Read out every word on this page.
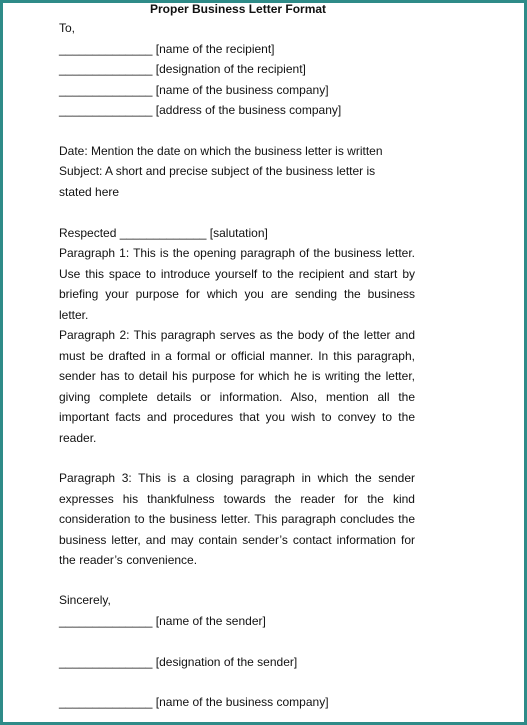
Proper Business Letter Format
To,
______________ [name of the recipient]
______________ [designation of the recipient]
______________ [name of the business company]
______________ [address of the business company]
Date: Mention the date on which the business letter is written
Subject: A short and precise subject of the business letter is stated here
Respected _____________ [salutation]

Paragraph 1: This is the opening paragraph of the business letter. Use this space to introduce yourself to the recipient and start by briefing your purpose for which you are sending the business letter.

Paragraph 2: This paragraph serves as the body of the letter and must be drafted in a formal or official manner. In this paragraph, sender has to detail his purpose for which he is writing the letter, giving complete details or information. Also, mention all the important facts and procedures that you wish to convey to the reader.

Paragraph 3: This is a closing paragraph in which the sender expresses his thankfulness towards the reader for the kind consideration to the business letter. This paragraph concludes the business letter, and may contain sender’s contact information for the reader’s convenience.

Sincerely,
______________ [name of the sender]
______________ [designation of the sender]
______________ [name of the business company]
